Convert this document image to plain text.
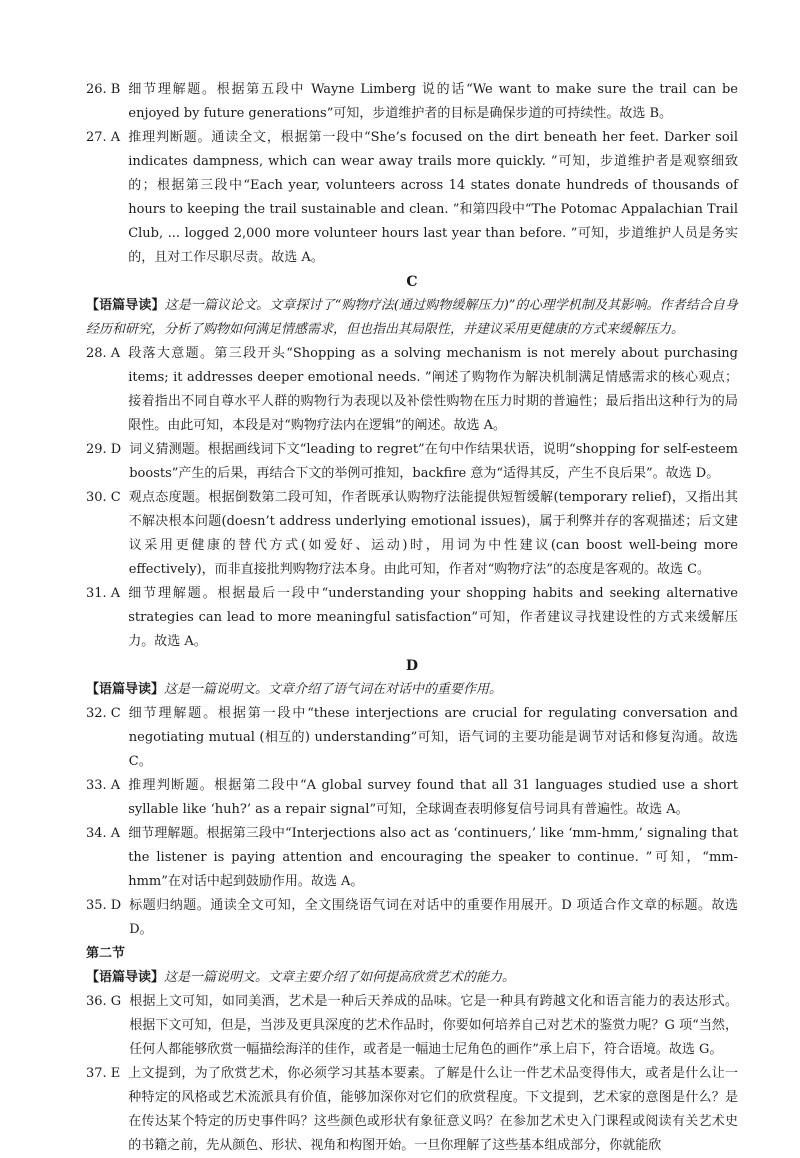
26. B 细节理解题。根据第五段中 Wayne Limberg 说的话“We want to make sure the trail can be enjoyed by future generations”可知，步道维护者的目标是确保步道的可持续性。故选 B。
27. A 推理判断题。通读全文，根据第一段中“She’s focused on the dirt beneath her feet. Darker soil indicates dampness, which can wear away trails more quickly. ”可知，步道维护者是观察细致的；根据第三段中“Each year, volunteers across 14 states donate hundreds of thousands of hours to keeping the trail sustainable and clean. ”和第四段中“The Potomac Appalachian Trail Club, ... logged 2,000 more volunteer hours last year than before. ”可知，步道维护人员是务实的，且对工作尽职尽责。故选 A。
C
【语篇导读】这是一篇议论文。文章探讨了“购物疗法(通过购物缓解压力)”的心理学机制及其影响。作者结合自身经历和研究，分析了购物如何满足情感需求，但也指出其局限性，并建议采用更健康的方式来缓解压力。
28. A 段落大意题。第三段开头“Shopping as a solving mechanism is not merely about purchasing items; it addresses deeper emotional needs. ”阐述了购物作为解决机制满足情感需求的核心观点；接着指出不同自尊水平人群的购物行为表现以及补偿性购物在压力时期的普遍性；最后指出这种行为的局限性。由此可知，本段是对“购物疗法内在逻辑”的阐述。故选 A。
29. D 词义猜测题。根据画线词下文“leading to regret”在句中作结果状语，说明“shopping for self-esteem boosts”产生的后果，再结合下文的举例可推知，backfire 意为“适得其反，产生不良后果”。故选 D。
30. C 观点态度题。根据倒数第二段可知，作者既承认购物疗法能提供短暂缓解(temporary relief)，又指出其不解决根本问题(doesn’t address underlying emotional issues)，属于利弊并存的客观描述；后文建议采用更健康的替代方式(如爱好、运动)时，用词为中性建议(can boost well-being more effectively)，而非直接批判购物疗法本身。由此可知，作者对“购物疗法”的态度是客观的。故选 C。
31. A 细节理解题。根据最后一段中“understanding your shopping habits and seeking alternative strategies can lead to more meaningful satisfaction”可知，作者建议寻找建设性的方式来缓解压力。故选 A。
D
【语篇导读】这是一篇说明文。文章介绍了语气词在对话中的重要作用。
32. C 细节理解题。根据第一段中“these interjections are crucial for regulating conversation and negotiating mutual (相互的) understanding”可知，语气词的主要功能是调节对话和修复沟通。故选 C。
33. A 推理判断题。根据第二段中“A global survey found that all 31 languages studied use a short syllable like ‘huh?’ as a repair signal”可知，全球调查表明修复信号词具有普遍性。故选 A。
34. A 细节理解题。根据第三段中“Interjections also act as ‘continuers,’ like ‘mm-hmm,’ signaling that the listener is paying attention and encouraging the speaker to continue. ”可知，“mm-hmm”在对话中起到鼓励作用。故选 A。
35. D 标题归纳题。通读全文可知，全文围绕语气词在对话中的重要作用展开。D 项适合作文章的标题。故选 D。
第二节
【语篇导读】这是一篇说明文。文章主要介绍了如何提高欣赏艺术的能力。
36. G 根据上文可知，如同美酒，艺术是一种后天养成的品味。它是一种具有跨越文化和语言能力的表达形式。根据下文可知，但是，当涉及更具深度的艺术作品时，你要如何培养自己对艺术的鉴赏力呢？G 项“当然，任何人都能够欣赏一幅描绘海洋的佳作，或者是一幅迪士尼角色的画作”承上启下，符合语境。故选 G。
37. E 上文提到，为了欣赏艺术，你必须学习其基本要素。了解是什么让一件艺术品变得伟大，或者是什么让一种特定的风格或艺术流派具有价值，能够加深你对它们的欣赏程度。下文提到，艺术家的意图是什么？是在传达某个特定的历史事件吗？这些颜色或形状有象征意义吗？在参加艺术史入门课程或阅读有关艺术史的书籍之前，先从颜色、形状、视角和构图开始。一旦你理解了这些基本组成部分，你就能欣
